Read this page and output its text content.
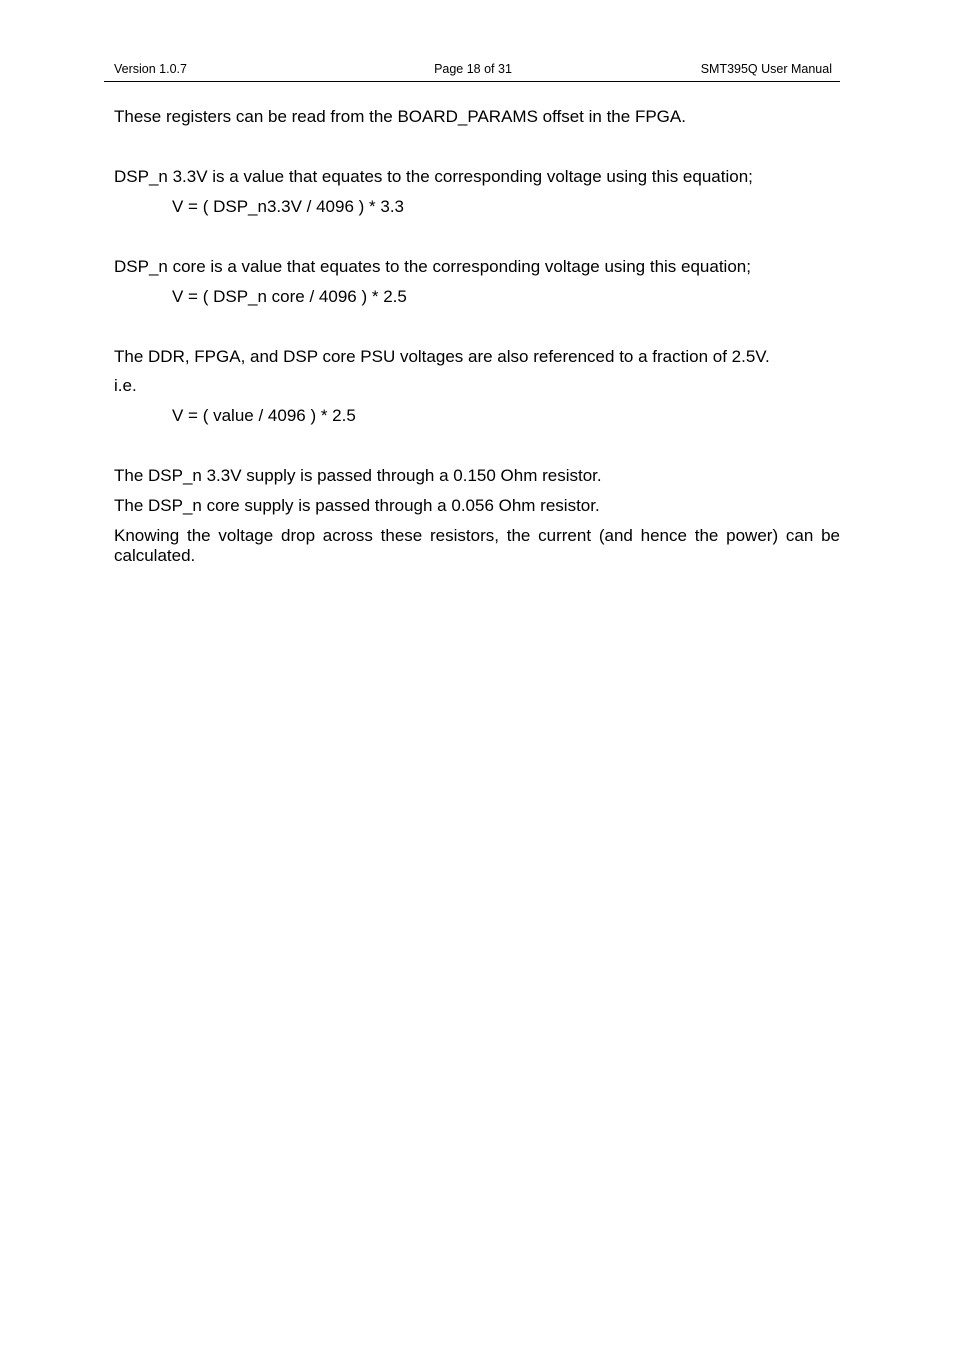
Version 1.0.7	Page 18 of 31	SMT395Q User Manual
These registers can be read from the BOARD_PARAMS offset in the FPGA.
DSP_n 3.3V is a value that equates to the corresponding voltage using this equation;
V = ( DSP_n3.3V / 4096 ) * 3.3
DSP_n core is a value that equates to the corresponding voltage using this equation;
V = ( DSP_n core / 4096 ) * 2.5
The DDR, FPGA, and DSP core PSU voltages are also referenced to a fraction of 2.5V.
i.e.
V = ( value / 4096 ) * 2.5
The DSP_n 3.3V supply is passed through a 0.150 Ohm resistor.
The DSP_n core supply is passed through a 0.056 Ohm resistor.
Knowing the voltage drop across these resistors, the current (and hence the power) can be calculated.
